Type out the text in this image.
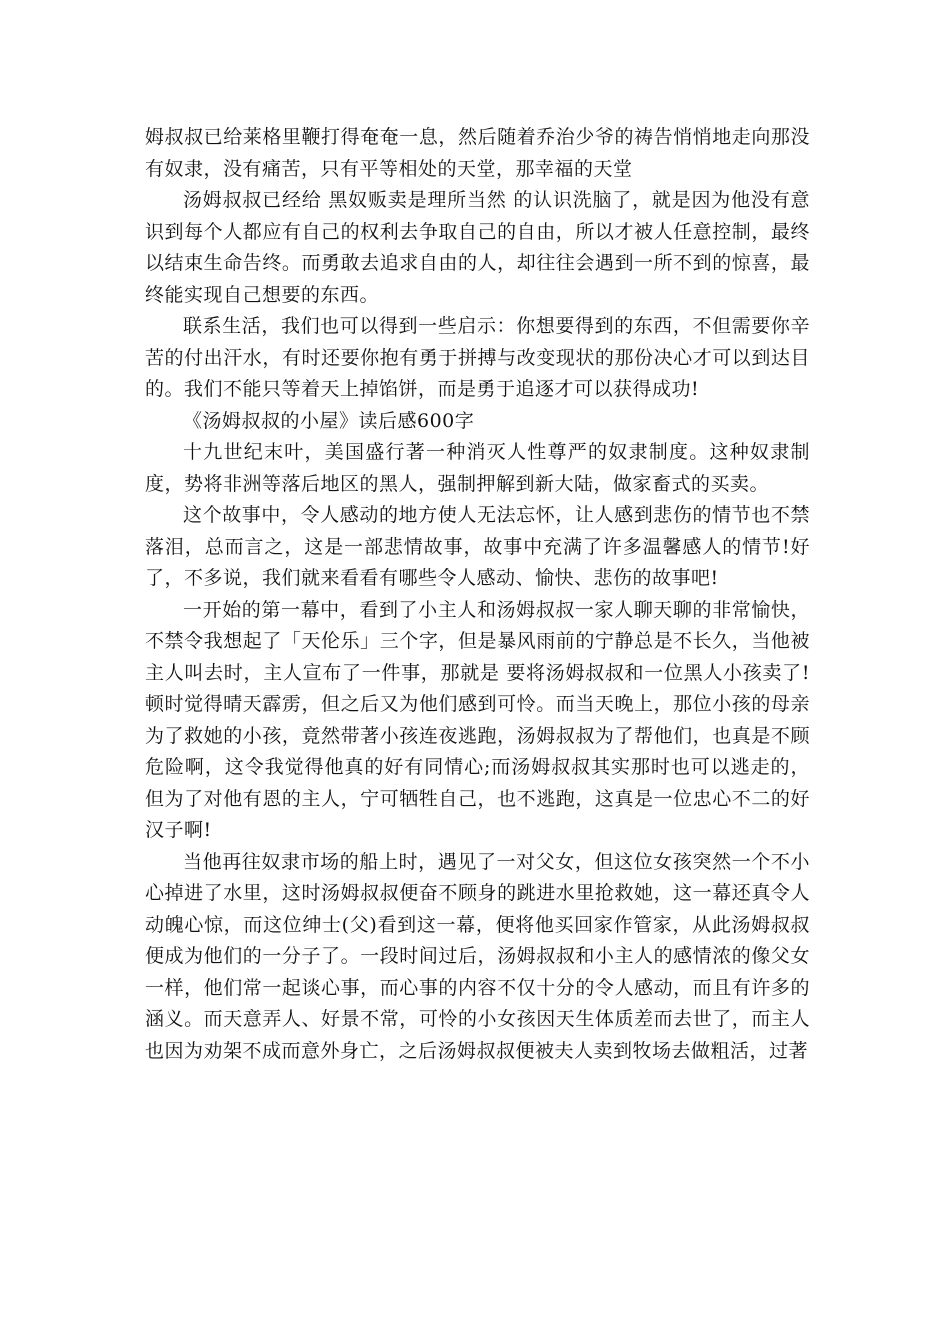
姆叔叔已给莱格里鞭打得奄奄一息，然后随着乔治少爷的祷告悄悄地走向那没有奴隶，没有痛苦，只有平等相处的天堂，那幸福的天堂

汤姆叔叔已经给 黑奴贩卖是理所当然 的认识洗脑了，就是因为他没有意识到每个人都应有自己的权利去争取自己的自由，所以才被人任意控制，最终以结束生命告终。而勇敢去追求自由的人，却往往会遇到一所不到的惊喜，最终能实现自己想要的东西。

联系生活，我们也可以得到一些启示：你想要得到的东西，不但需要你辛苦的付出汗水，有时还要你抱有勇于拼搏与改变现状的那份决心才可以到达目的。我们不能只等着天上掉馅饼，而是勇于追逐才可以获得成功!

《汤姆叔叔的小屋》读后感600字

十九世纪末叶，美国盛行著一种消灭人性尊严的奴隶制度。这种奴隶制度，势将非洲等落后地区的黑人，强制押解到新大陆，做家畜式的买卖。

这个故事中，令人感动的地方使人无法忘怀，让人感到悲伤的情节也不禁落泪，总而言之，这是一部悲情故事，故事中充满了许多温馨感人的情节!好了，不多说，我们就来看看有哪些令人感动、愉快、悲伤的故事吧!

一开始的第一幕中，看到了小主人和汤姆叔叔一家人聊天聊的非常愉快，不禁令我想起了「天伦乐」三个字，但是暴风雨前的宁静总是不长久，当他被主人叫去时，主人宣布了一件事，那就是 要将汤姆叔叔和一位黑人小孩卖了!顿时觉得晴天霹雳，但之后又为他们感到可怜。而当天晚上，那位小孩的母亲为了救她的小孩，竟然带著小孩连夜逃跑，汤姆叔叔为了帮他们，也真是不顾危险啊，这令我觉得他真的好有同情心;而汤姆叔叔其实那时也可以逃走的，但为了对他有恩的主人，宁可牺牲自己，也不逃跑，这真是一位忠心不二的好汉子啊!

当他再往奴隶市场的船上时，遇见了一对父女，但这位女孩突然一个不小心掉进了水里，这时汤姆叔叔便奋不顾身的跳进水里抢救她，这一幕还真令人动魄心惊，而这位绅士(父)看到这一幕，便将他买回家作管家，从此汤姆叔叔便成为他们的一分子了。一段时间过后，汤姆叔叔和小主人的感情浓的像父女一样，他们常一起谈心事，而心事的内容不仅十分的令人感动，而且有许多的涵义。而天意弄人、好景不常，可怜的小女孩因天生体质差而去世了，而主人也因为劝架不成而意外身亡，之后汤姆叔叔便被夫人卖到牧场去做粗活，过著
